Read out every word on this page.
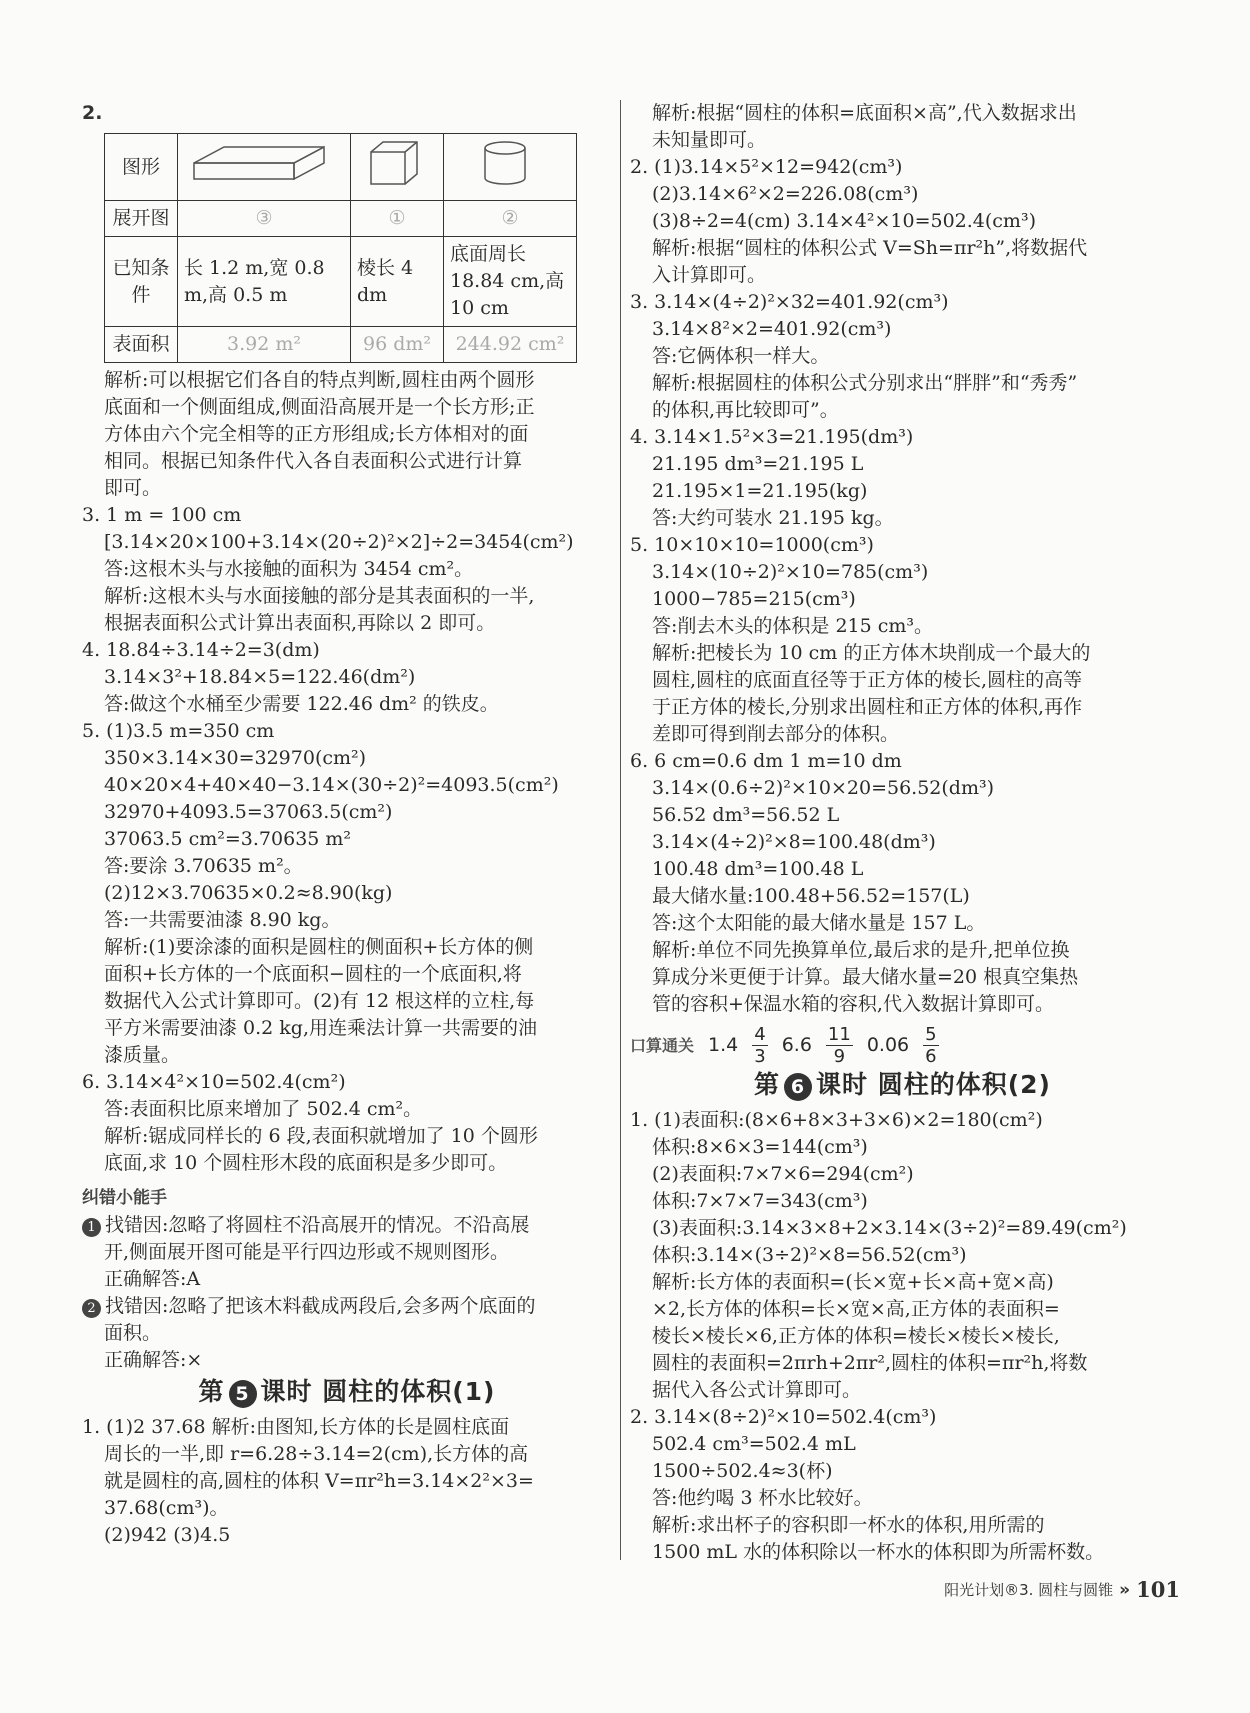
2.
图形			
展开图	③	①	②
已知条件	长 1.2 m,宽 0.8 m,高 0.5 m	棱长 4 dm	底面周长 18.84 cm,高 10 cm
表面积	3.92 m²	96 dm²	244.92 cm²
解析:可以根据它们各自的特点判断,圆柱由两个圆形
底面和一个侧面组成,侧面沿高展开是一个长方形;正
方体由六个完全相等的正方形组成;长方体相对的面
相同。根据已知条件代入各自表面积公式进行计算
即可。
3. 1 m = 100 cm
[3.14×20×100+3.14×(20÷2)²×2]÷2=3454(cm²)
答:这根木头与水接触的面积为 3454 cm²。
解析:这根木头与水面接触的部分是其表面积的一半,
根据表面积公式计算出表面积,再除以 2 即可。
4. 18.84÷3.14÷2=3(dm)
3.14×3²+18.84×5=122.46(dm²)
答:做这个水桶至少需要 122.46 dm² 的铁皮。
5. (1)3.5 m=350 cm
350×3.14×30=32970(cm²)
40×20×4+40×40−3.14×(30÷2)²=4093.5(cm²)
32970+4093.5=37063.5(cm²)
37063.5 cm²=3.70635 m²
答:要涂 3.70635 m²。
(2)12×3.70635×0.2≈8.90(kg)
答:一共需要油漆 8.90 kg。
解析:(1)要涂漆的面积是圆柱的侧面积+长方体的侧
面积+长方体的一个底面积−圆柱的一个底面积,将
数据代入公式计算即可。(2)有 12 根这样的立柱,每
平方米需要油漆 0.2 kg,用连乘法计算一共需要的油
漆质量。
6. 3.14×4²×10=502.4(cm²)
答:表面积比原来增加了 502.4 cm²。
解析:锯成同样长的 6 段,表面积就增加了 10 个圆形
底面,求 10 个圆柱形木段的底面积是多少即可。
纠错小能手
1 找错因:忽略了将圆柱不沿高展开的情况。不沿高展
开,侧面展开图可能是平行四边形或不规则图形。
正确解答:A
2 找错因:忽略了把该木料截成两段后,会多两个底面的
面积。
正确解答:×
第 5 课时 圆柱的体积(1)
1. (1)2 37.68 解析:由图知,长方体的长是圆柱底面
周长的一半,即 r=6.28÷3.14=2(cm),长方体的高
就是圆柱的高,圆柱的体积 V=πr²h=3.14×2²×3=
37.68(cm³)。
(2)942 (3)4.5
解析:根据“圆柱的体积=底面积×高”,代入数据求出
未知量即可。
2. (1)3.14×5²×12=942(cm³)
(2)3.14×6²×2=226.08(cm³)
(3)8÷2=4(cm) 3.14×4²×10=502.4(cm³)
解析:根据“圆柱的体积公式 V=Sh=πr²h”,将数据代
入计算即可。
3. 3.14×(4÷2)²×32=401.92(cm³)
3.14×8²×2=401.92(cm³)
答:它俩体积一样大。
解析:根据圆柱的体积公式分别求出“胖胖”和“秀秀”
的体积,再比较即可”。
4. 3.14×1.5²×3=21.195(dm³)
21.195 dm³=21.195 L
21.195×1=21.195(kg)
答:大约可装水 21.195 kg。
5. 10×10×10=1000(cm³)
3.14×(10÷2)²×10=785(cm³)
1000−785=215(cm³)
答:削去木头的体积是 215 cm³。
解析:把棱长为 10 cm 的正方体木块削成一个最大的
圆柱,圆柱的底面直径等于正方体的棱长,圆柱的高等
于正方体的棱长,分别求出圆柱和正方体的体积,再作
差即可得到削去部分的体积。
6. 6 cm=0.6 dm 1 m=10 dm
3.14×(0.6÷2)²×10×20=56.52(dm³)
56.52 dm³=56.52 L
3.14×(4÷2)²×8=100.48(dm³)
100.48 dm³=100.48 L
最大储水量:100.48+56.52=157(L)
答:这个太阳能的最大储水量是 157 L。
解析:单位不同先换算单位,最后求的是升,把单位换
算成分米更便于计算。最大储水量=20 根真空集热
管的容积+保温水箱的容积,代入数据计算即可。
口算通关 $1.4 \frac{4}{3} 6.6 \frac{11}{9} 0.06 \frac{5}{6}$
第 6 课时 圆柱的体积(2)
1. (1)表面积:(8×6+8×3+3×6)×2=180(cm²)
体积:8×6×3=144(cm³)
(2)表面积:7×7×6=294(cm²)
体积:7×7×7=343(cm³)
(3)表面积:3.14×3×8+2×3.14×(3÷2)²=89.49(cm²)
体积:3.14×(3÷2)²×8=56.52(cm³)
解析:长方体的表面积=(长×宽+长×高+宽×高)
×2,长方体的体积=长×宽×高,正方体的表面积=
棱长×棱长×6,正方体的体积=棱长×棱长×棱长,
圆柱的表面积=2πrh+2πr²,圆柱的体积=πr²h,将数
据代入各公式计算即可。
2. 3.14×(8÷2)²×10=502.4(cm³)
502.4 cm³=502.4 mL
1500÷502.4≈3(杯)
答:他约喝 3 杯水比较好。
解析:求出杯子的容积即一杯水的体积,用所需的
1500 mL 水的体积除以一杯水的体积即为所需杯数。
阳光计划®3. 圆柱与圆锥 » 101
